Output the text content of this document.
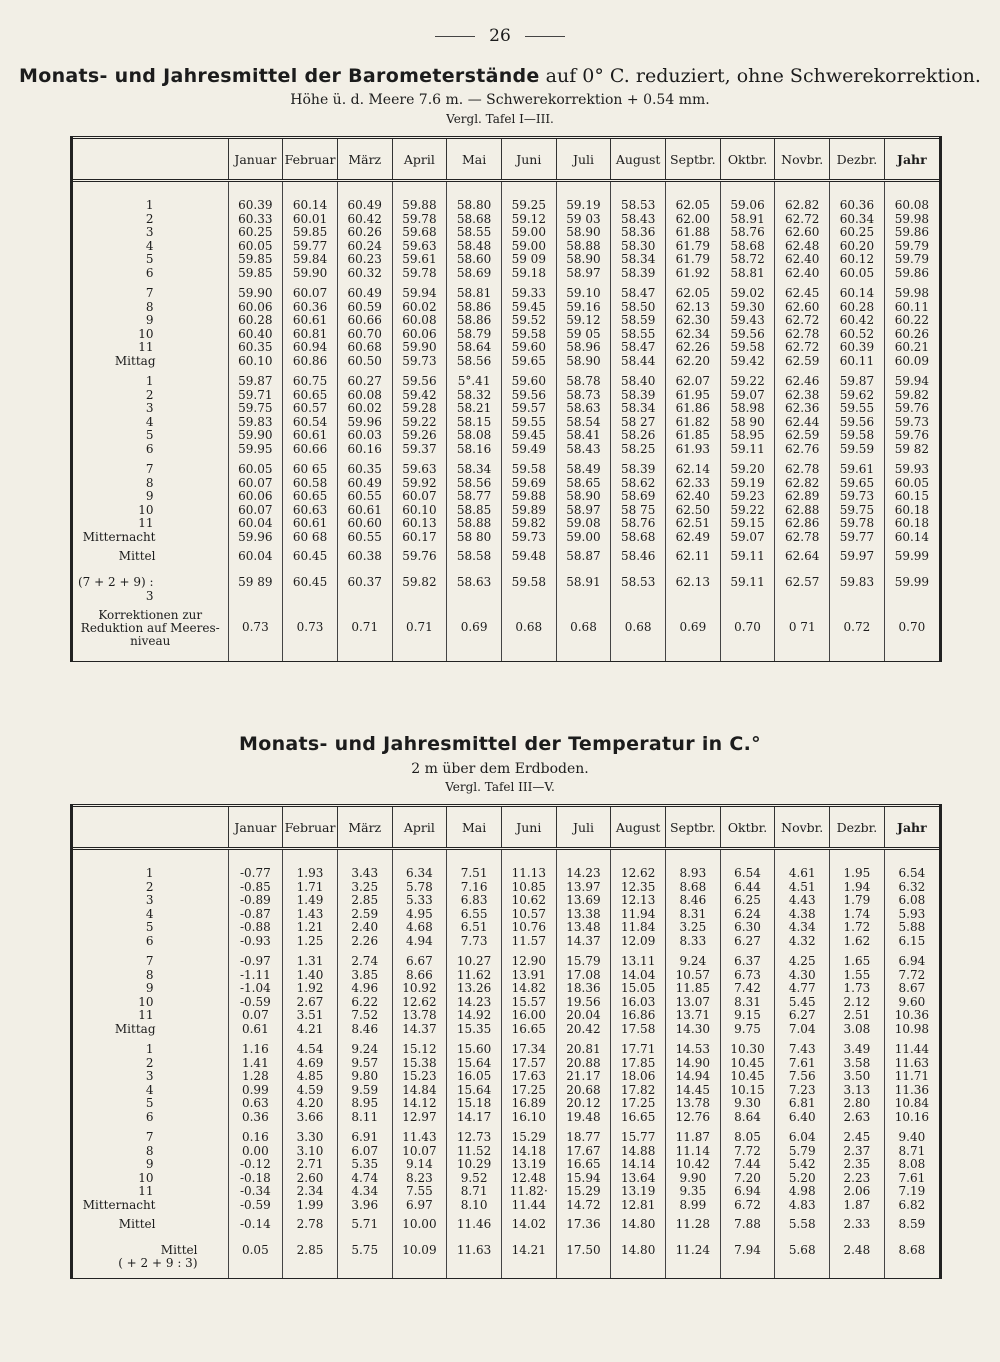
26
Monats- und Jahresmittel der Barometerstände auf 0° C. reduziert, ohne Schwerekorrektion.
Höhe ü. d. Meere 7.6 m. — Schwerekorrektion + 0.54 mm.
Vergl. Tafel I—III.
	Januar	Februar	März	April	Mai	Juni	Juli	August	Septbr.	Oktbr.	Novbr.	Dezbr.	Jahr

1	60.39	60.14	60.49	59.88	58.80	59.25	59.19	58.53	62.05	59.06	62.82	60.36	60.08
2	60.33	60.01	60.42	59.78	58.68	59.12	59 03	58.43	62.00	58.91	62.72	60.34	59.98
3	60.25	59.85	60.26	59.68	58.55	59.00	58.90	58.36	61.88	58.76	62.60	60.25	59.86
4	60.05	59.77	60.24	59.63	58.48	59.00	58.88	58.30	61.79	58.68	62.48	60.20	59.79
5	59.85	59.84	60.23	59.61	58.60	59 09	58.90	58.34	61.79	58.72	62.40	60.12	59.79
6	59.85	59.90	60.32	59.78	58.69	59.18	58.97	58.39	61.92	58.81	62.40	60.05	59.86
7	59.90	60.07	60.49	59.94	58.81	59.33	59.10	58.47	62.05	59.02	62.45	60.14	59.98
8	60.06	60.36	60.59	60.02	58.86	59.45	59.16	58.50	62.13	59.30	62.60	60.28	60.11
9	60.28	60.61	60.66	60.08	58.86	59.52	59.12	58.59	62.30	59.43	62.72	60.42	60.22
10	60.40	60.81	60.70	60.06	58.79	59.58	59 05	58.55	62.34	59.56	62.78	60.52	60.26
11	60.35	60.94	60.68	59.90	58.64	59.60	58.96	58.47	62.26	59.58	62.72	60.39	60.21
Mittag	60.10	60.86	60.50	59.73	58.56	59.65	58.90	58.44	62.20	59.42	62.59	60.11	60.09
1	59.87	60.75	60.27	59.56	5°.41	59.60	58.78	58.40	62.07	59.22	62.46	59.87	59.94
2	59.71	60.65	60.08	59.42	58.32	59.56	58.73	58.39	61.95	59.07	62.38	59.62	59.82
3	59.75	60.57	60.02	59.28	58.21	59.57	58.63	58.34	61.86	58.98	62.36	59.55	59.76
4	59.83	60.54	59.96	59.22	58.15	59.55	58.54	58 27	61.82	58 90	62.44	59.56	59.73
5	59.90	60.61	60.03	59.26	58.08	59.45	58.41	58.26	61.85	58.95	62.59	59.58	59.76
6	59.95	60.66	60.16	59.37	58.16	59.49	58.43	58.25	61.93	59.11	62.76	59.59	59 82
7	60.05	60 65	60.35	59.63	58.34	59.58	58.49	58.39	62.14	59.20	62.78	59.61	59.93
8	60.07	60.58	60.49	59.92	58.56	59.69	58.65	58.62	62.33	59.19	62.82	59.65	60.05
9	60.06	60.65	60.55	60.07	58.77	59.88	58.90	58.69	62.40	59.23	62.89	59.73	60.15
10	60.07	60.63	60.61	60.10	58.85	59.89	58.97	58 75	62.50	59.22	62.88	59.75	60.18
11	60.04	60.61	60.60	60.13	58.88	59.82	59.08	58.76	62.51	59.15	62.86	59.78	60.18
Mitternacht	59.96	60 68	60.55	60.17	58 80	59.73	59.00	58.68	62.49	59.07	62.78	59.77	60.14
Mittel	60.04	60.45	60.38	59.76	58.58	59.48	58.87	58.46	62.11	59.11	62.64	59.97	59.99
(7 + 2 + 9) : 3	59 89	60.45	60.37	59.82	58.63	59.58	58.91	58.53	62.13	59.11	62.57	59.83	59.99

Korrektionen zur
Reduktion auf Meeres-
niveau	0.73	0.73	0.71	0.71	0.69	0.68	0.68	0.68	0.69	0.70	0 71	0.72	0.70

Monats- und Jahresmittel der Temperatur in C.°
2 m über dem Erdboden.
Vergl. Tafel III—V.
	Januar	Februar	März	April	Mai	Juni	Juli	August	Septbr.	Oktbr.	Novbr.	Dezbr.	Jahr

1	-0.77	1.93	3.43	6.34	7.51	11.13	14.23	12.62	8.93	6.54	4.61	1.95	6.54
2	-0.85	1.71	3.25	5.78	7.16	10.85	13.97	12.35	8.68	6.44	4.51	1.94	6.32
3	-0.89	1.49	2.85	5.33	6.83	10.62	13.69	12.13	8.46	6.25	4.43	1.79	6.08
4	-0.87	1.43	2.59	4.95	6.55	10.57	13.38	11.94	8.31	6.24	4.38	1.74	5.93
5	-0.88	1.21	2.40	4.68	6.51	10.76	13.48	11.84	3.25	6.30	4.34	1.72	5.88
6	-0.93	1.25	2.26	4.94	7.73	11.57	14.37	12.09	8.33	6.27	4.32	1.62	6.15
7	-0.97	1.31	2.74	6.67	10.27	12.90	15.79	13.11	9.24	6.37	4.25	1.65	6.94
8	-1.11	1.40	3.85	8.66	11.62	13.91	17.08	14.04	10.57	6.73	4.30	1.55	7.72
9	-1.04	1.92	4.96	10.92	13.26	14.82	18.36	15.05	11.85	7.42	4.77	1.73	8.67
10	-0.59	2.67	6.22	12.62	14.23	15.57	19.56	16.03	13.07	8.31	5.45	2.12	9.60
11	0.07	3.51	7.52	13.78	14.92	16.00	20.04	16.86	13.71	9.15	6.27	2.51	10.36
Mittag	0.61	4.21	8.46	14.37	15.35	16.65	20.42	17.58	14.30	9.75	7.04	3.08	10.98
1	1.16	4.54	9.24	15.12	15.60	17.34	20.81	17.71	14.53	10.30	7.43	3.49	11.44
2	1.41	4.69	9.57	15.38	15.64	17.57	20.88	17.85	14.90	10.45	7.61	3.58	11.63
3	1.28	4.85	9.80	15.23	16.05	17.63	21.17	18.06	14.94	10.45	7.56	3.50	11.71
4	0.99	4.59	9.59	14.84	15.64	17.25	20.68	17.82	14.45	10.15	7.23	3.13	11.36
5	0.63	4.20	8.95	14.12	15.18	16.89	20.12	17.25	13.78	9.30	6.81	2.80	10.84
6	0.36	3.66	8.11	12.97	14.17	16.10	19.48	16.65	12.76	8.64	6.40	2.63	10.16
7	0.16	3.30	6.91	11.43	12.73	15.29	18.77	15.77	11.87	8.05	6.04	2.45	9.40
8	0.00	3.10	6.07	10.07	11.52	14.18	17.67	14.88	11.14	7.72	5.79	2.37	8.71
9	-0.12	2.71	5.35	9.14	10.29	13.19	16.65	14.14	10.42	7.44	5.42	2.35	8.08
10	-0.18	2.60	4.74	8.23	9.52	12.48	15.94	13.64	9.90	7.20	5.20	2.23	7.61
11	-0.34	2.34	4.34	7.55	8.71	11.82·	15.29	13.19	9.35	6.94	4.98	2.06	7.19
Mitternacht	-0.59	1.99	3.96	6.97	8.10	11.44	14.72	12.81	8.99	6.72	4.83	1.87	6.82
Mittel	-0.14	2.78	5.71	10.00	11.46	14.02	17.36	14.80	11.28	7.88	5.58	2.33	8.59

Mittel
( + 2 + 9 : 3)	0.05	2.85	5.75	10.09	11.63	14.21	17.50	14.80	11.24	7.94	5.68	2.48	8.68
